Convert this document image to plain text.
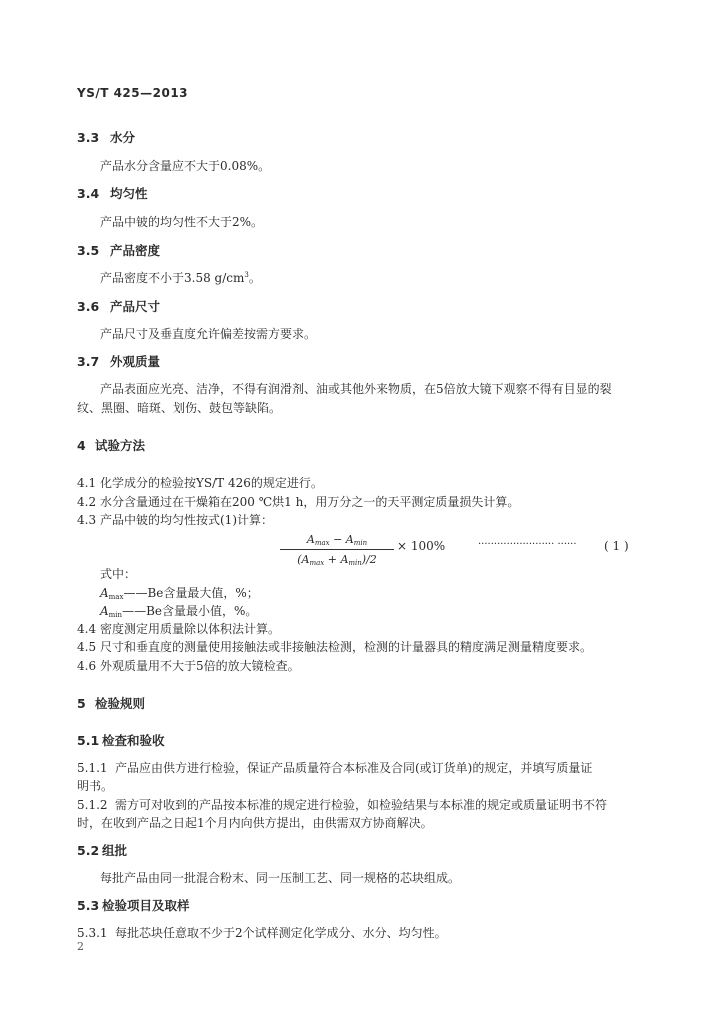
YS/T 425—2013
3.3 水分
产品水分含量应不大于0.08%。
3.4 均匀性
产品中铍的均匀性不大于2%。
3.5 产品密度
产品密度不小于3.58 $g/cm^3$。
3.6 产品尺寸
产品尺寸及垂直度允许偏差按需方要求。
3.7 外观质量
产品表面应光亮、洁净，不得有润滑剂、油或其他外来物质，在5倍放大镜下观察不得有目显的裂
纹、黑圈、暗斑、划伤、鼓包等缺陷。
4 试验方法
4.1 化学成分的检验按YS/T 426的规定进行。
4.2 水分含量通过在干燥箱在200 ℃烘1 h，用万分之一的天平测定质量损失计算。
4.3 产品中铍的均匀性按式(1)计算：
$A_{max} - A_{min}$
$(A_{max} + A_{min})/2$
× 100%	························ ······ ( 1 )
式中：
$A_{max}——Be$含量最大值，%；
$A_{min}——Be$含量最小值，%。
4.4 密度测定用质量除以体积法计算。
4.5 尺寸和垂直度的测量使用接触法或非接触法检测，检测的计量器具的精度满足测量精度要求。
4.6 外观质量用不大于5倍的放大镜检查。
5 检验规则
5.1 检查和验收
5.1.1 产品应由供方进行检验，保证产品质量符合本标准及合同(或订货单)的规定，并填写质量证
明书。
5.1.2 需方可对收到的产品按本标准的规定进行检验，如检验结果与本标准的规定或质量证明书不符
时，在收到产品之日起1个月内向供方提出，由供需双方协商解决。
5.2 组批
每批产品由同一批混合粉末、同一压制工艺、同一规格的芯块组成。
5.3 检验项目及取样
5.3.1 每批芯块任意取不少于2个试样测定化学成分、水分、均匀性。
2
